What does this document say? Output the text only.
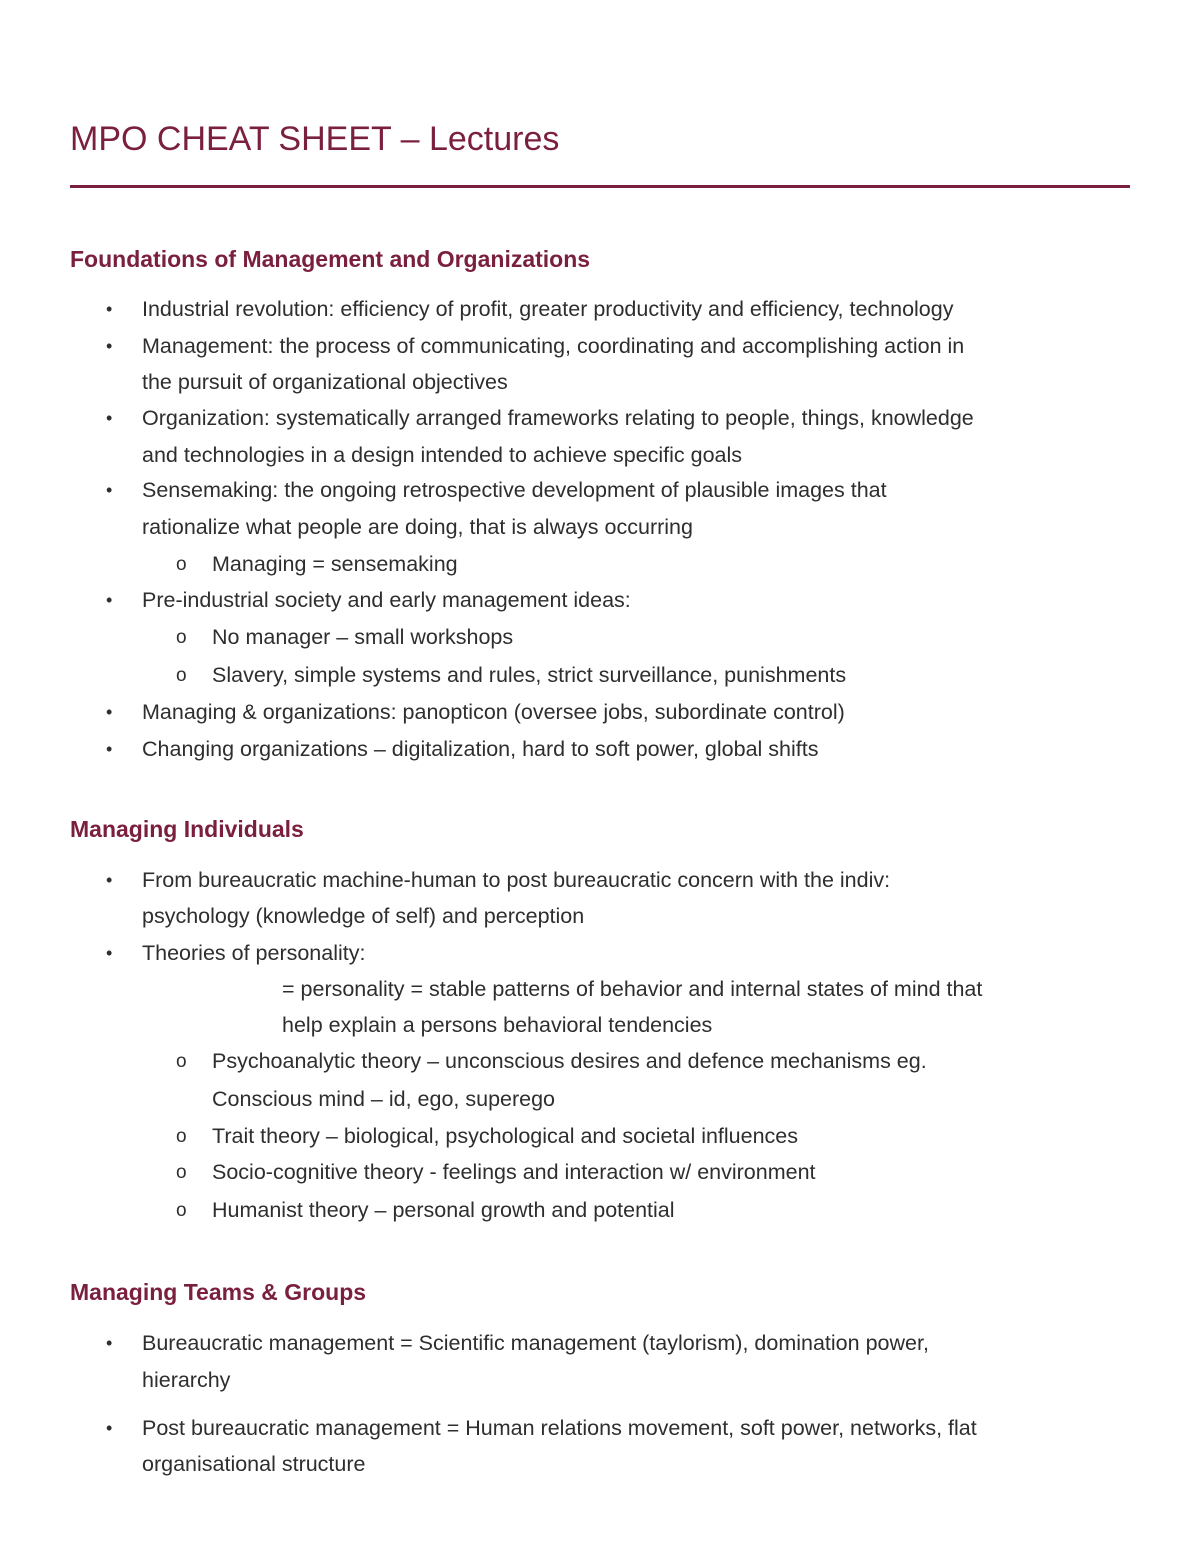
MPO CHEAT SHEET – Lectures
Foundations of Management and Organizations
• Industrial revolution: efficiency of profit, greater productivity and efficiency, technology
• Management: the process of communicating, coordinating and accomplishing action in
the pursuit of organizational objectives
• Organization: systematically arranged frameworks relating to people, things, knowledge
and technologies in a design intended to achieve specific goals
• Sensemaking: the ongoing retrospective development of plausible images that
rationalize what people are doing, that is always occurring
o Managing = sensemaking
• Pre-industrial society and early management ideas:
o No manager – small workshops
o Slavery, simple systems and rules, strict surveillance, punishments
• Managing & organizations: panopticon (oversee jobs, subordinate control)
• Changing organizations – digitalization, hard to soft power, global shifts
Managing Individuals
• From bureaucratic machine-human to post bureaucratic concern with the indiv:
psychology (knowledge of self) and perception
• Theories of personality:
= personality = stable patterns of behavior and internal states of mind that
help explain a persons behavioral tendencies
o Psychoanalytic theory – unconscious desires and defence mechanisms eg.
Conscious mind – id, ego, superego
o Trait theory – biological, psychological and societal influences
o Socio-cognitive theory - feelings and interaction w/ environment
o Humanist theory – personal growth and potential
Managing Teams & Groups
• Bureaucratic management = Scientific management (taylorism), domination power,
hierarchy
• Post bureaucratic management = Human relations movement, soft power, networks, flat
organisational structure
